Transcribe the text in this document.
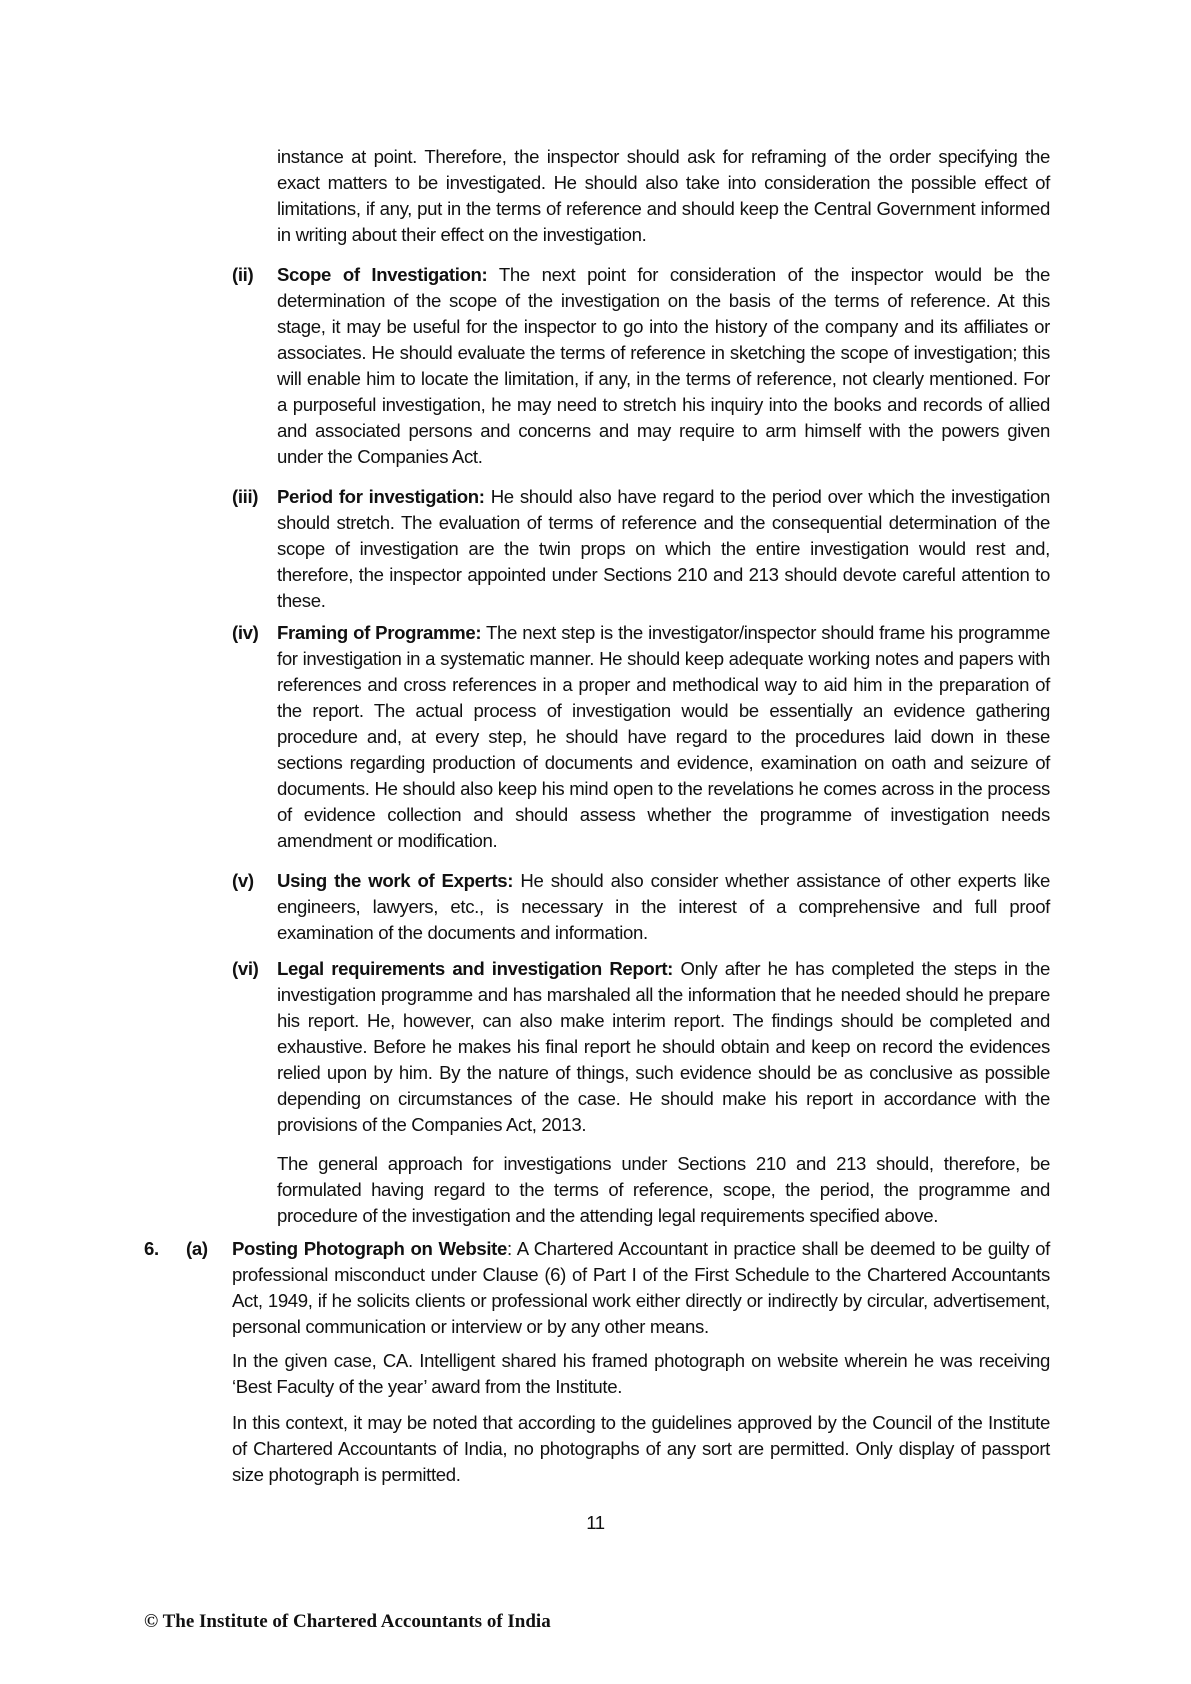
instance at point. Therefore, the inspector should ask for reframing of the order specifying the exact matters to be investigated. He should also take into consideration the possible effect of limitations, if any, put in the terms of reference and should keep the Central Government informed in writing about their effect on the investigation.

(ii) Scope of Investigation: The next point for consideration of the inspector would be the determination of the scope of the investigation on the basis of the terms of reference. At this stage, it may be useful for the inspector to go into the history of the company and its affiliates or associates. He should evaluate the terms of reference in sketching the scope of investigation; this will enable him to locate the limitation, if any, in the terms of reference, not clearly mentioned. For a purposeful investigation, he may need to stretch his inquiry into the books and records of allied and associated persons and concerns and may require to arm himself with the powers given under the Companies Act.
(iii) Period for investigation: He should also have regard to the period over which the investigation should stretch. The evaluation of terms of reference and the consequential determination of the scope of investigation are the twin props on which the entire investigation would rest and, therefore, the inspector appointed under Sections 210 and 213 should devote careful attention to these.
(iv) Framing of Programme: The next step is the investigator/inspector should frame his programme for investigation in a systematic manner. He should keep adequate working notes and papers with references and cross references in a proper and methodical way to aid him in the preparation of the report. The actual process of investigation would be essentially an evidence gathering procedure and, at every step, he should have regard to the procedures laid down in these sections regarding production of documents and evidence, examination on oath and seizure of documents. He should also keep his mind open to the revelations he comes across in the process of evidence collection and should assess whether the programme of investigation needs amendment or modification.
(v) Using the work of Experts: He should also consider whether assistance of other experts like engineers, lawyers, etc., is necessary in the interest of a comprehensive and full proof examination of the documents and information.
(vi) Legal requirements and investigation Report: Only after he has completed the steps in the investigation programme and has marshaled all the information that he needed should he prepare his report. He, however, can also make interim report. The findings should be completed and exhaustive. Before he makes his final report he should obtain and keep on record the evidences relied upon by him. By the nature of things, such evidence should be as conclusive as possible depending on circumstances of the case. He should make his report in accordance with the provisions of the Companies Act, 2013.

The general approach for investigations under Sections 210 and 213 should, therefore, be formulated having regard to the terms of reference, scope, the period, the programme and procedure of the investigation and the attending legal requirements specified above.

6. (a) Posting Photograph on Website: A Chartered Accountant in practice shall be deemed to be guilty of professional misconduct under Clause (6) of Part I of the First Schedule to the Chartered Accountants Act, 1949, if he solicits clients or professional work either directly or indirectly by circular, advertisement, personal communication or interview or by any other means.

In the given case, CA. Intelligent shared his framed photograph on website wherein he was receiving ‘Best Faculty of the year’ award from the Institute.

In this context, it may be noted that according to the guidelines approved by the Council of the Institute of Chartered Accountants of India, no photographs of any sort are permitted. Only display of passport size photograph is permitted.

11
© The Institute of Chartered Accountants of India
